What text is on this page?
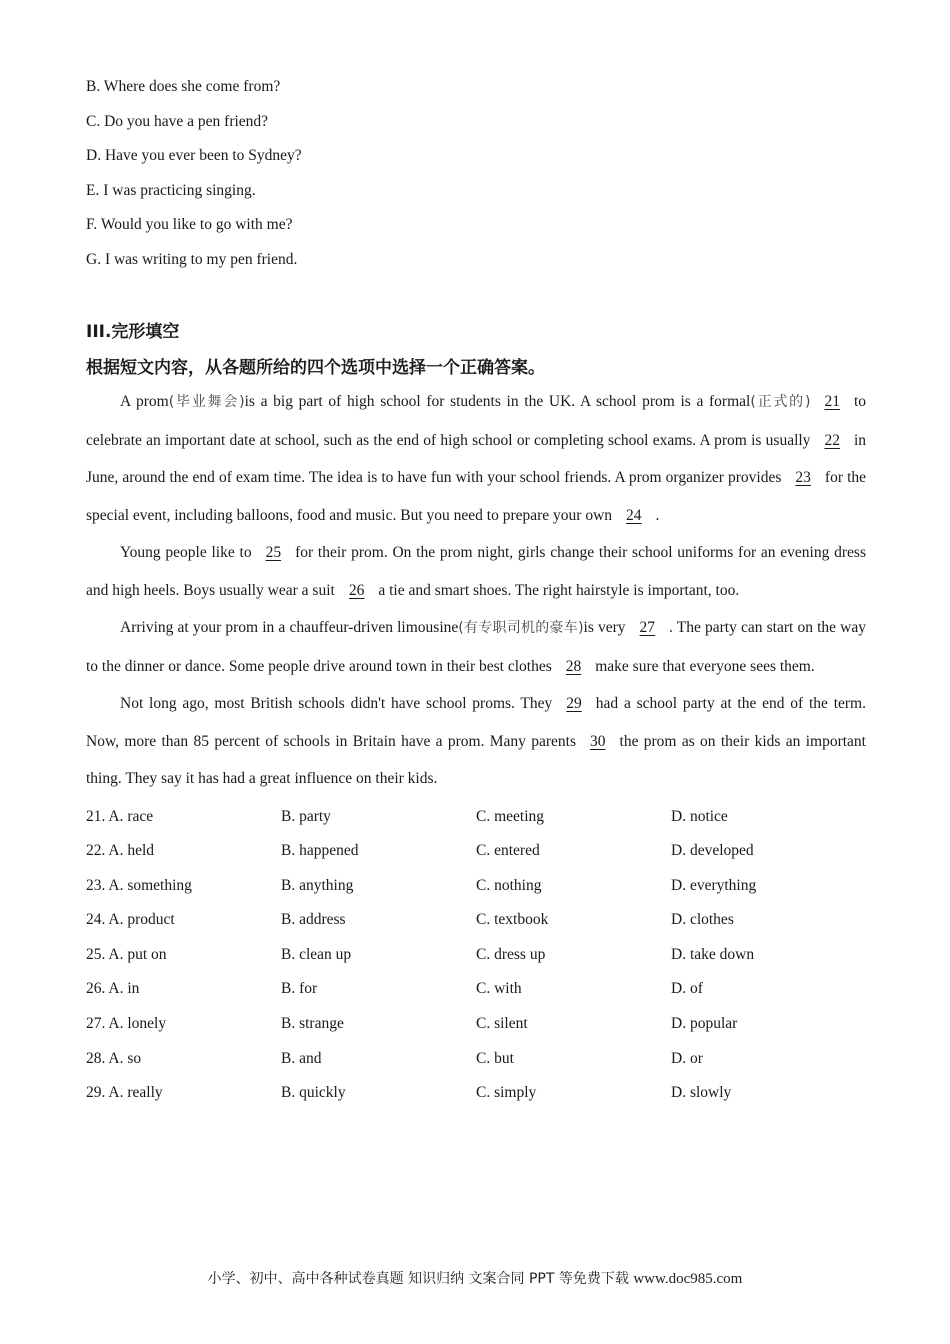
B. Where does she come from?
C. Do you have a pen friend?
D. Have you ever been to Sydney?
E. I was practicing singing.
F. Would you like to go with me?
G. I was writing to my pen friend.
III.完形填空
根据短文内容，从各题所给的四个选项中选择一个正确答案。

A prom(毕业舞会)is a big part of high school for students in the UK. A school prom is a formal(正式的) 21 to celebrate an important date at school, such as the end of high school or completing school exams. A prom is usually 22 in June, around the end of exam time. The idea is to have fun with your school friends. A prom organizer provides 23 for the special event, including balloons, food and music. But you need to prepare your own 24 .

Young people like to 25 for their prom. On the prom night, girls change their school uniforms for an evening dress and high heels. Boys usually wear a suit 26 a tie and smart shoes. The right hairstyle is important, too.

Arriving at your prom in a chauffeur-driven limousine(有专职司机的豪车)is very 27 . The party can start on the way to the dinner or dance. Some people drive around town in their best clothes 28 make sure that everyone sees them.

Not long ago, most British schools didn't have school proms. They 29 had a school party at the end of the term. Now, more than 85 percent of schools in Britain have a prom. Many parents 30 the prom as on their kids an important thing. They say it has had a great influence on their kids.

21. A. race	B. party	C. meeting	D. notice
22. A. held	B. happened	C. entered	D. developed
23. A. something	B. anything	C. nothing	D. everything
24. A. product	B. address	C. textbook	D. clothes
25. A. put on	B. clean up	C. dress up	D. take down
26. A. in	B. for	C. with	D. of
27. A. lonely	B. strange	C. silent	D. popular
28. A. so	B. and	C. but	D. or
29. A. really	B. quickly	C. simply	D. slowly
小学、初中、高中各种试卷真题 知识归纳 文案合同 PPT 等免费下载 www.doc985.com
